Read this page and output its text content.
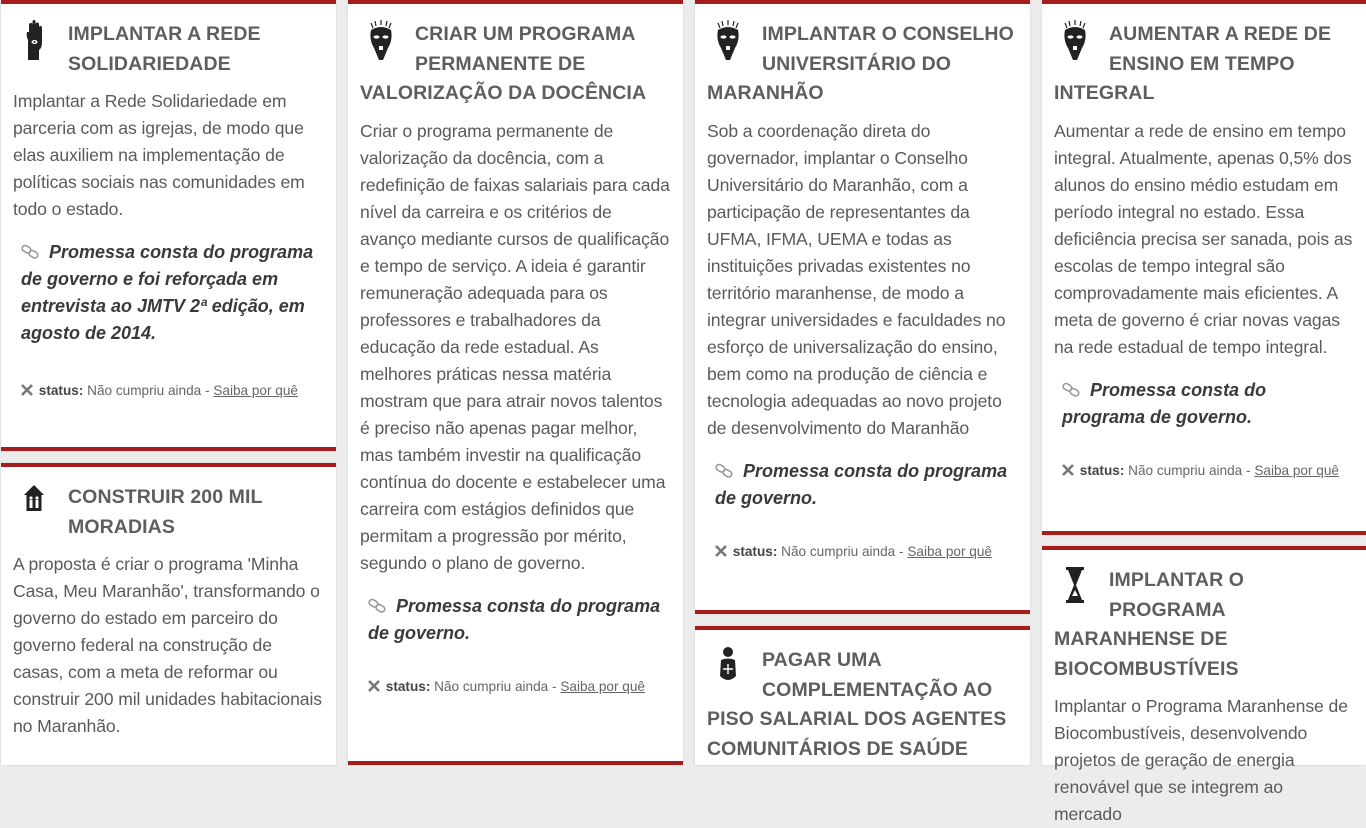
IMPLANTAR A REDE SOLIDARIEDADE
Implantar a Rede Solidariedade em parceria com as igrejas, de modo que elas auxiliem na implementação de políticas sociais nas comunidades em todo o estado.
Promessa consta do programa de governo e foi reforçada em entrevista ao JMTV 2ª edição, em agosto de 2014.
status: Não cumpriu ainda - Saiba por quê
CONSTRUIR 200 MIL MORADIAS
A proposta é criar o programa 'Minha Casa, Meu Maranhão', transformando o governo do estado em parceiro do governo federal na construção de casas, com a meta de reformar ou construir 200 mil unidades habitacionais no Maranhão.
CRIAR UM PROGRAMA PERMANENTE DE VALORIZAÇÃO DA DOCÊNCIA
Criar o programa permanente de valorização da docência, com a redefinição de faixas salariais para cada nível da carreira e os critérios de avanço mediante cursos de qualificação e tempo de serviço. A ideia é garantir remuneração adequada para os professores e trabalhadores da educação da rede estadual. As melhores práticas nessa matéria mostram que para atrair novos talentos é preciso não apenas pagar melhor, mas também investir na qualificação contínua do docente e estabelecer uma carreira com estágios definidos que permitam a progressão por mérito, segundo o plano de governo.
Promessa consta do programa de governo.
status: Não cumpriu ainda - Saiba por quê
IMPLANTAR O CONSELHO UNIVERSITÁRIO DO MARANHÃO
Sob a coordenação direta do governador, implantar o Conselho Universitário do Maranhão, com a participação de representantes da UFMA, IFMA, UEMA e todas as instituições privadas existentes no território maranhense, de modo a integrar universidades e faculdades no esforço de universalização do ensino, bem como na produção de ciência e tecnologia adequadas ao novo projeto de desenvolvimento do Maranhão
Promessa consta do programa de governo.
status: Não cumpriu ainda - Saiba por quê
PAGAR UMA COMPLEMENTAÇÃO AO PISO SALARIAL DOS AGENTES COMUNITÁRIOS DE SAÚDE
AUMENTAR A REDE DE ENSINO EM TEMPO INTEGRAL
Aumentar a rede de ensino em tempo integral. Atualmente, apenas 0,5% dos alunos do ensino médio estudam em período integral no estado. Essa deficiência precisa ser sanada, pois as escolas de tempo integral são comprovadamente mais eficientes. A meta de governo é criar novas vagas na rede estadual de tempo integral.
Promessa consta do programa de governo.
status: Não cumpriu ainda - Saiba por quê
IMPLANTAR O PROGRAMA MARANHENSE DE BIOCOMBUSTÍVEIS
Implantar o Programa Maranhense de Biocombustíveis, desenvolvendo projetos de geração de energia renovável que se integrem ao mercado
